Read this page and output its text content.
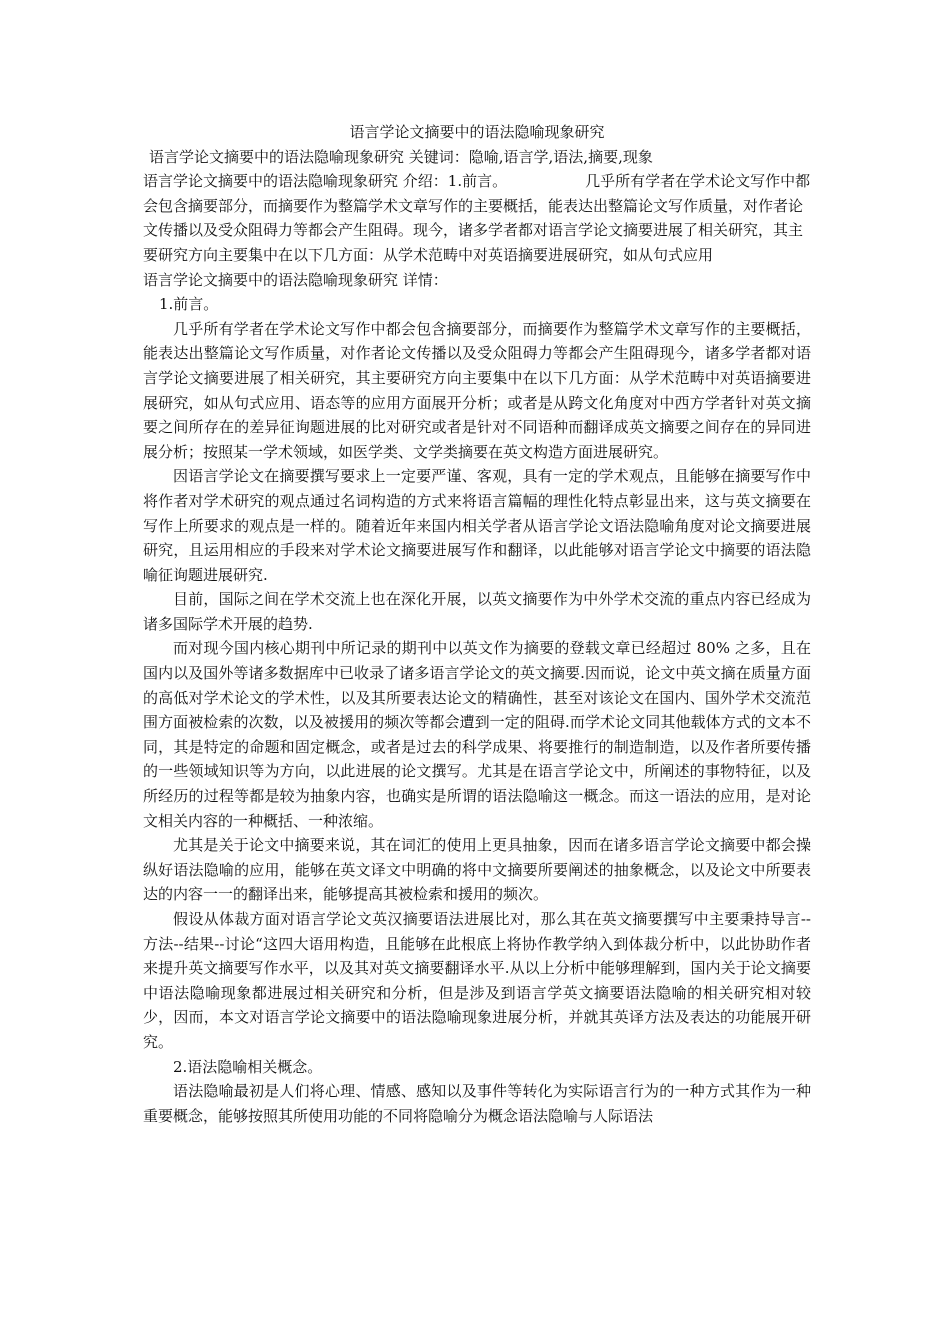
语言学论文摘要中的语法隐喻现象研究

语言学论文摘要中的语法隐喻现象研究 关键词：隐喻,语言学,语法,摘要,现象

语言学论文摘要中的语法隐喻现象研究 介绍：1.前言。	几乎所有学者在学术论文写作中都会包含摘要部分，而摘要作为整篇学术文章写作的主要概括，能表达出整篇论文写作质量，对作者论文传播以及受众阻碍力等都会产生阻碍。现今，诸多学者都对语言学论文摘要进展了相关研究，其主要研究方向主要集中在以下几方面：从学术范畴中对英语摘要进展研究，如从句式应用

语言学论文摘要中的语法隐喻现象研究 详情：

1.前言。

几乎所有学者在学术论文写作中都会包含摘要部分，而摘要作为整篇学术文章写作的主要概括，能表达出整篇论文写作质量，对作者论文传播以及受众阻碍力等都会产生阻碍现今，诸多学者都对语言学论文摘要进展了相关研究，其主要研究方向主要集中在以下几方面：从学术范畴中对英语摘要进展研究，如从句式应用、语态等的应用方面展开分析；或者是从跨文化角度对中西方学者针对英文摘要之间所存在的差异征询题进展的比对研究或者是针对不同语种而翻译成英文摘要之间存在的异同进展分析；按照某一学术领域，如医学类、文学类摘要在英文构造方面进展研究。

因语言学论文在摘要撰写要求上一定要严谨、客观，具有一定的学术观点，且能够在摘要写作中将作者对学术研究的观点通过名词构造的方式来将语言篇幅的理性化特点彰显出来，这与英文摘要在写作上所要求的观点是一样的。随着近年来国内相关学者从语言学论文语法隐喻角度对论文摘要进展研究，且运用相应的手段来对学术论文摘要进展写作和翻译，以此能够对语言学论文中摘要的语法隐喻征询题进展研究.

目前，国际之间在学术交流上也在深化开展，以英文摘要作为中外学术交流的重点内容已经成为诸多国际学术开展的趋势.

而对现今国内核心期刊中所记录的期刊中以英文作为摘要的登载文章已经超过 80% 之多，且在国内以及国外等诸多数据库中已收录了诸多语言学论文的英文摘要.因而说，论文中英文摘在质量方面的高低对学术论文的学术性，以及其所要表达论文的精确性，甚至对该论文在国内、国外学术交流范围方面被检索的次数，以及被援用的频次等都会遭到一定的阻碍.而学术论文同其他载体方式的文本不同，其是特定的命题和固定概念，或者是过去的科学成果、将要推行的制造制造，以及作者所要传播的一些领域知识等为方向，以此进展的论文撰写。尤其是在语言学论文中，所阐述的事物特征，以及所经历的过程等都是较为抽象内容，也确实是所谓的语法隐喻这一概念。而这一语法的应用，是对论文相关内容的一种概括、一种浓缩。

尤其是关于论文中摘要来说，其在词汇的使用上更具抽象，因而在诸多语言学论文摘要中都会操纵好语法隐喻的应用，能够在英文译文中明确的将中文摘要所要阐述的抽象概念，以及论文中所要表达的内容一一的翻译出来，能够提高其被检索和援用的频次。

假设从体裁方面对语言学论文英汉摘要语法进展比对，那么其在英文摘要撰写中主要秉持导言--方法--结果--讨论“这四大语用构造，且能够在此根底上将协作教学纳入到体裁分析中，以此协助作者来提升英文摘要写作水平，以及其对英文摘要翻译水平.从以上分析中能够理解到，国内关于论文摘要中语法隐喻现象都进展过相关研究和分析，但是涉及到语言学英文摘要语法隐喻的相关研究相对较少，因而，本文对语言学论文摘要中的语法隐喻现象进展分析，并就其英译方法及表达的功能展开研究。

2.语法隐喻相关概念。

语法隐喻最初是人们将心理、情感、感知以及事件等转化为实际语言行为的一种方式其作为一种重要概念，能够按照其所使用功能的不同将隐喻分为概念语法隐喻与人际语法
